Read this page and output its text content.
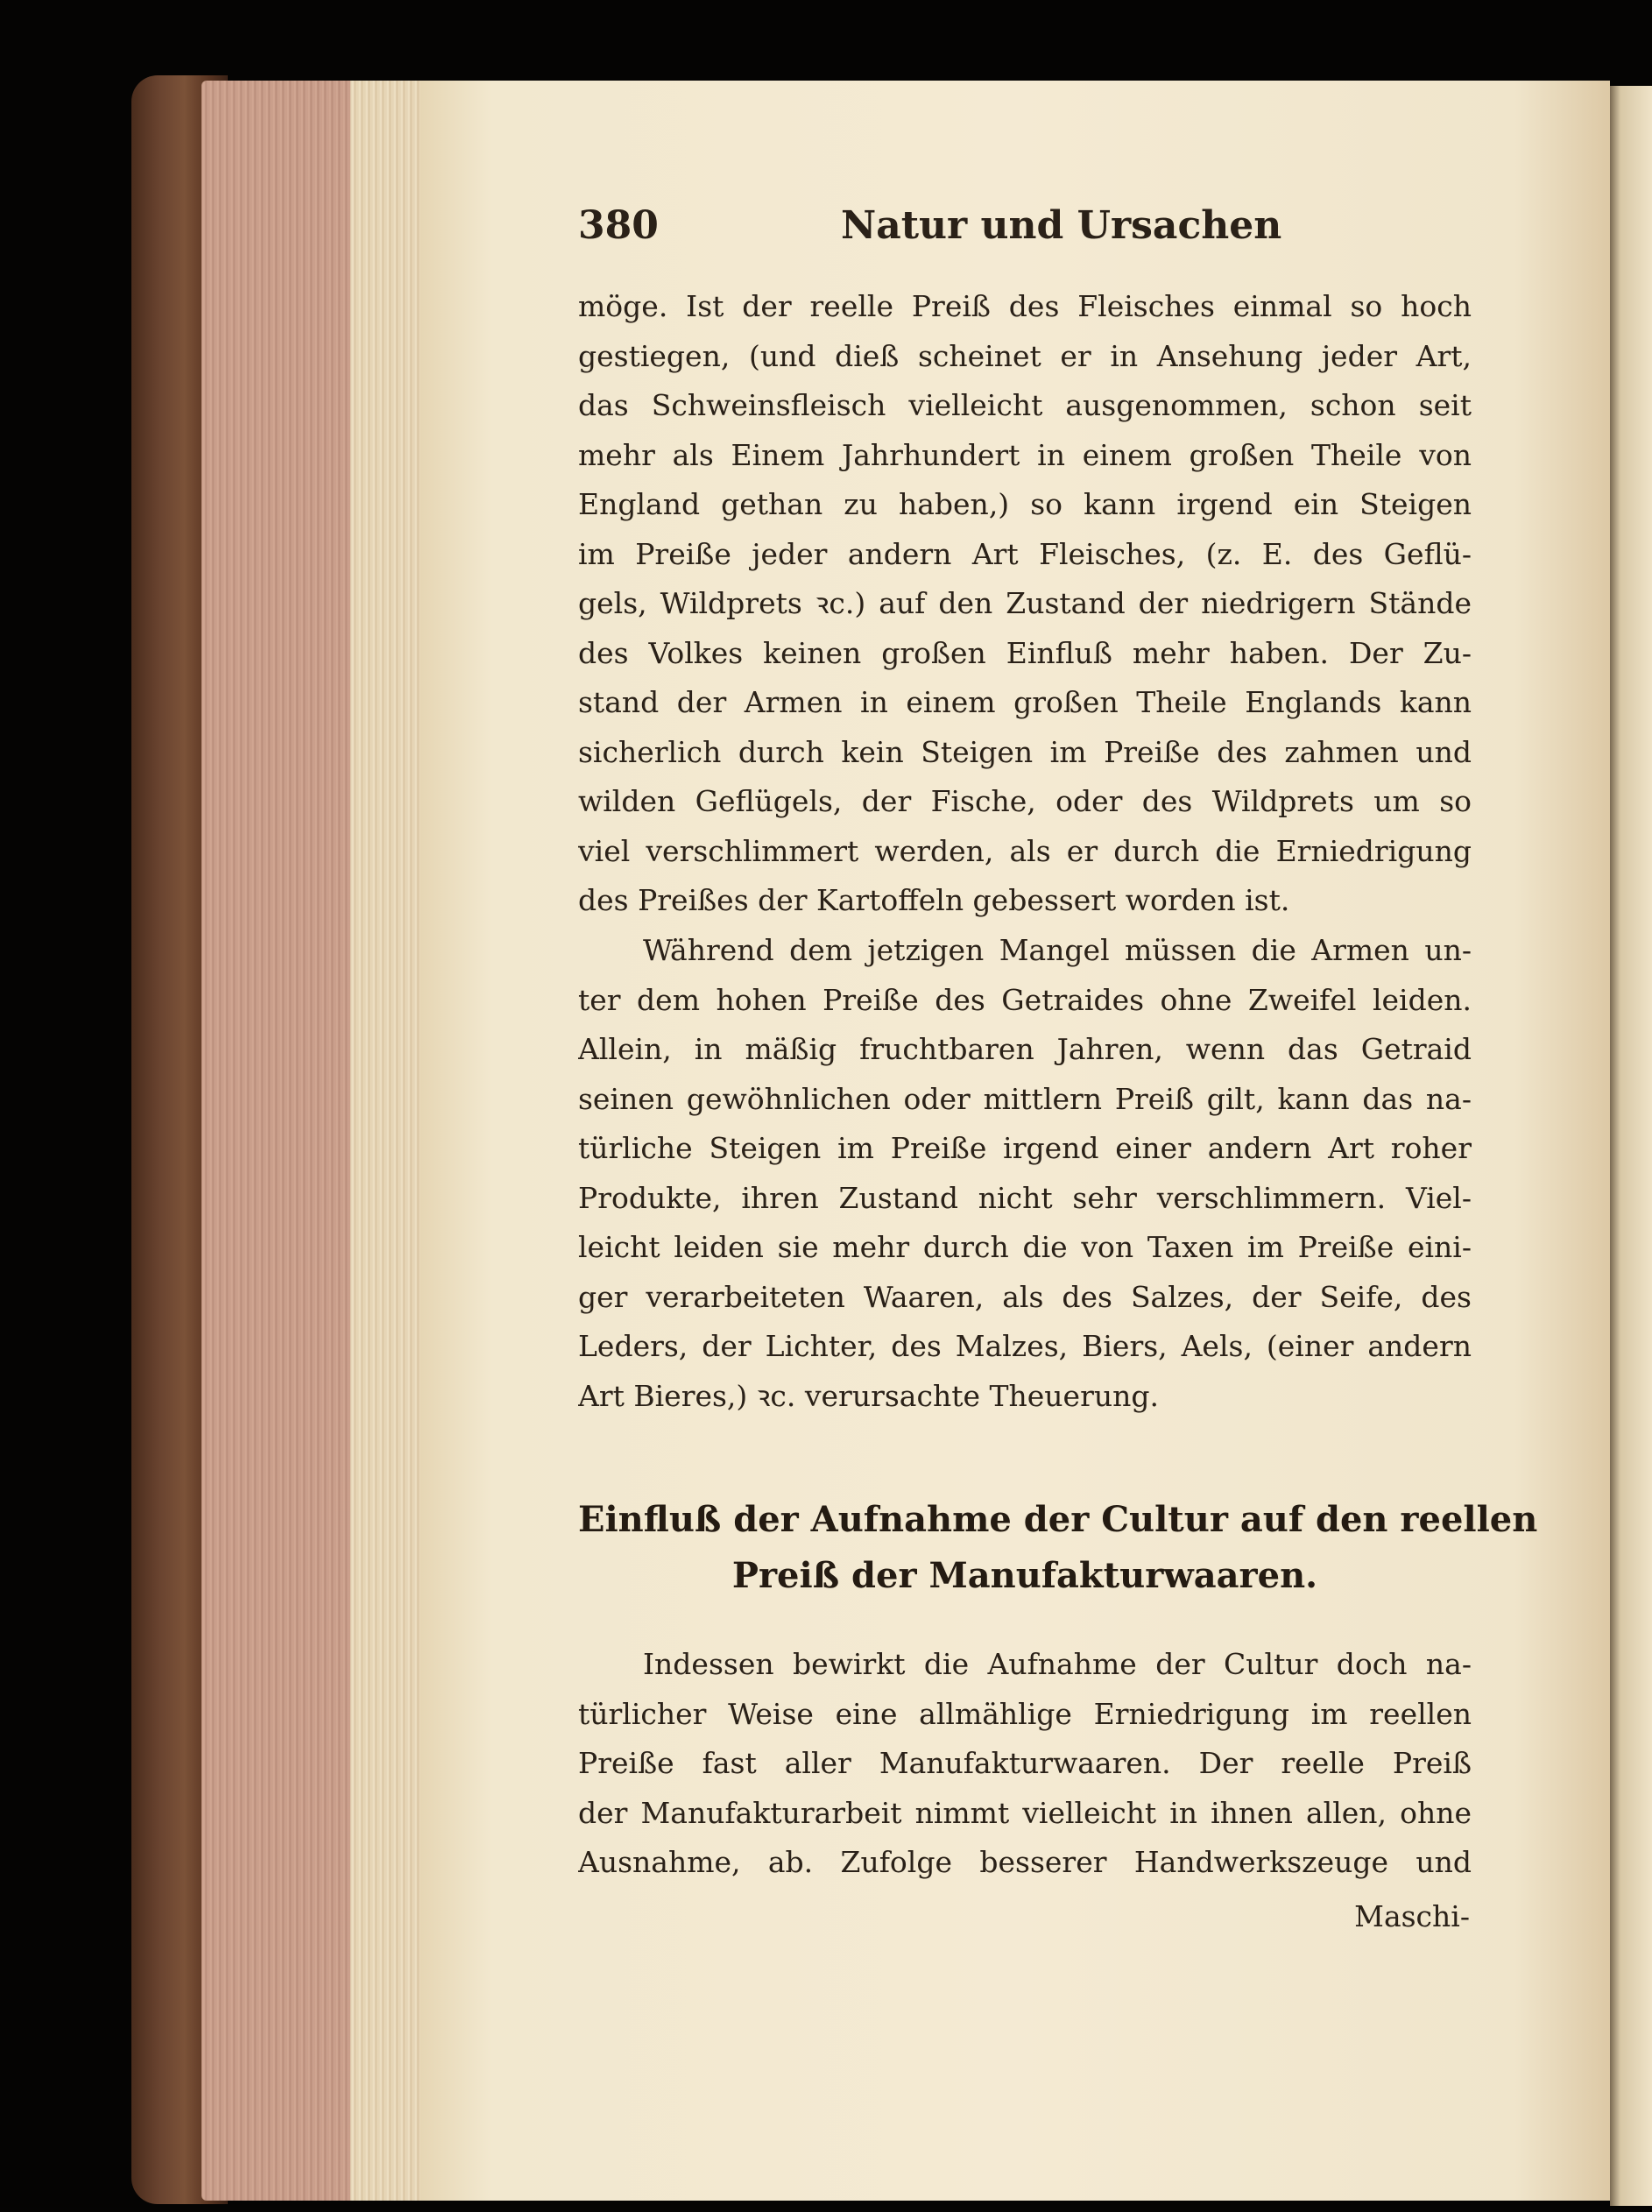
380	Natur und Ursachen
möge. Ist der reelle Preiß des Fleisches einmal so hoch
gestiegen, (und dieß scheinet er in Ansehung jeder Art,
das Schweinsfleisch vielleicht ausgenommen, schon seit
mehr als Einem Jahrhundert in einem großen Theile von
England gethan zu haben,) so kann irgend ein Steigen
im Preiße jeder andern Art Fleisches, (z. E. des Geflü-
gels, Wildprets ꝛc.) auf den Zustand der niedrigern Stände
des Volkes keinen großen Einfluß mehr haben. Der Zu-
stand der Armen in einem großen Theile Englands kann
sicherlich durch kein Steigen im Preiße des zahmen und
wilden Geflügels, der Fische, oder des Wildprets um so
viel verschlimmert werden, als er durch die Erniedrigung
des Preißes der Kartoffeln gebessert worden ist.
Während dem jetzigen Mangel müssen die Armen un-
ter dem hohen Preiße des Getraides ohne Zweifel leiden.
Allein, in mäßig fruchtbaren Jahren, wenn das Getraid
seinen gewöhnlichen oder mittlern Preiß gilt, kann das na-
türliche Steigen im Preiße irgend einer andern Art roher
Produkte, ihren Zustand nicht sehr verschlimmern. Viel-
leicht leiden sie mehr durch die von Taxen im Preiße eini-
ger verarbeiteten Waaren, als des Salzes, der Seife, des
Leders, der Lichter, des Malzes, Biers, Aels, (einer andern
Art Bieres,) ꝛc. verursachte Theuerung.
Einfluß der Aufnahme der Cultur auf den reellen
Preiß der Manufakturwaaren.
Indessen bewirkt die Aufnahme der Cultur doch na-
türlicher Weise eine allmählige Erniedrigung im reellen
Preiße fast aller Manufakturwaaren. Der reelle Preiß
der Manufakturarbeit nimmt vielleicht in ihnen allen, ohne
Ausnahme, ab. Zufolge besserer Handwerkszeuge und
Maschi-
